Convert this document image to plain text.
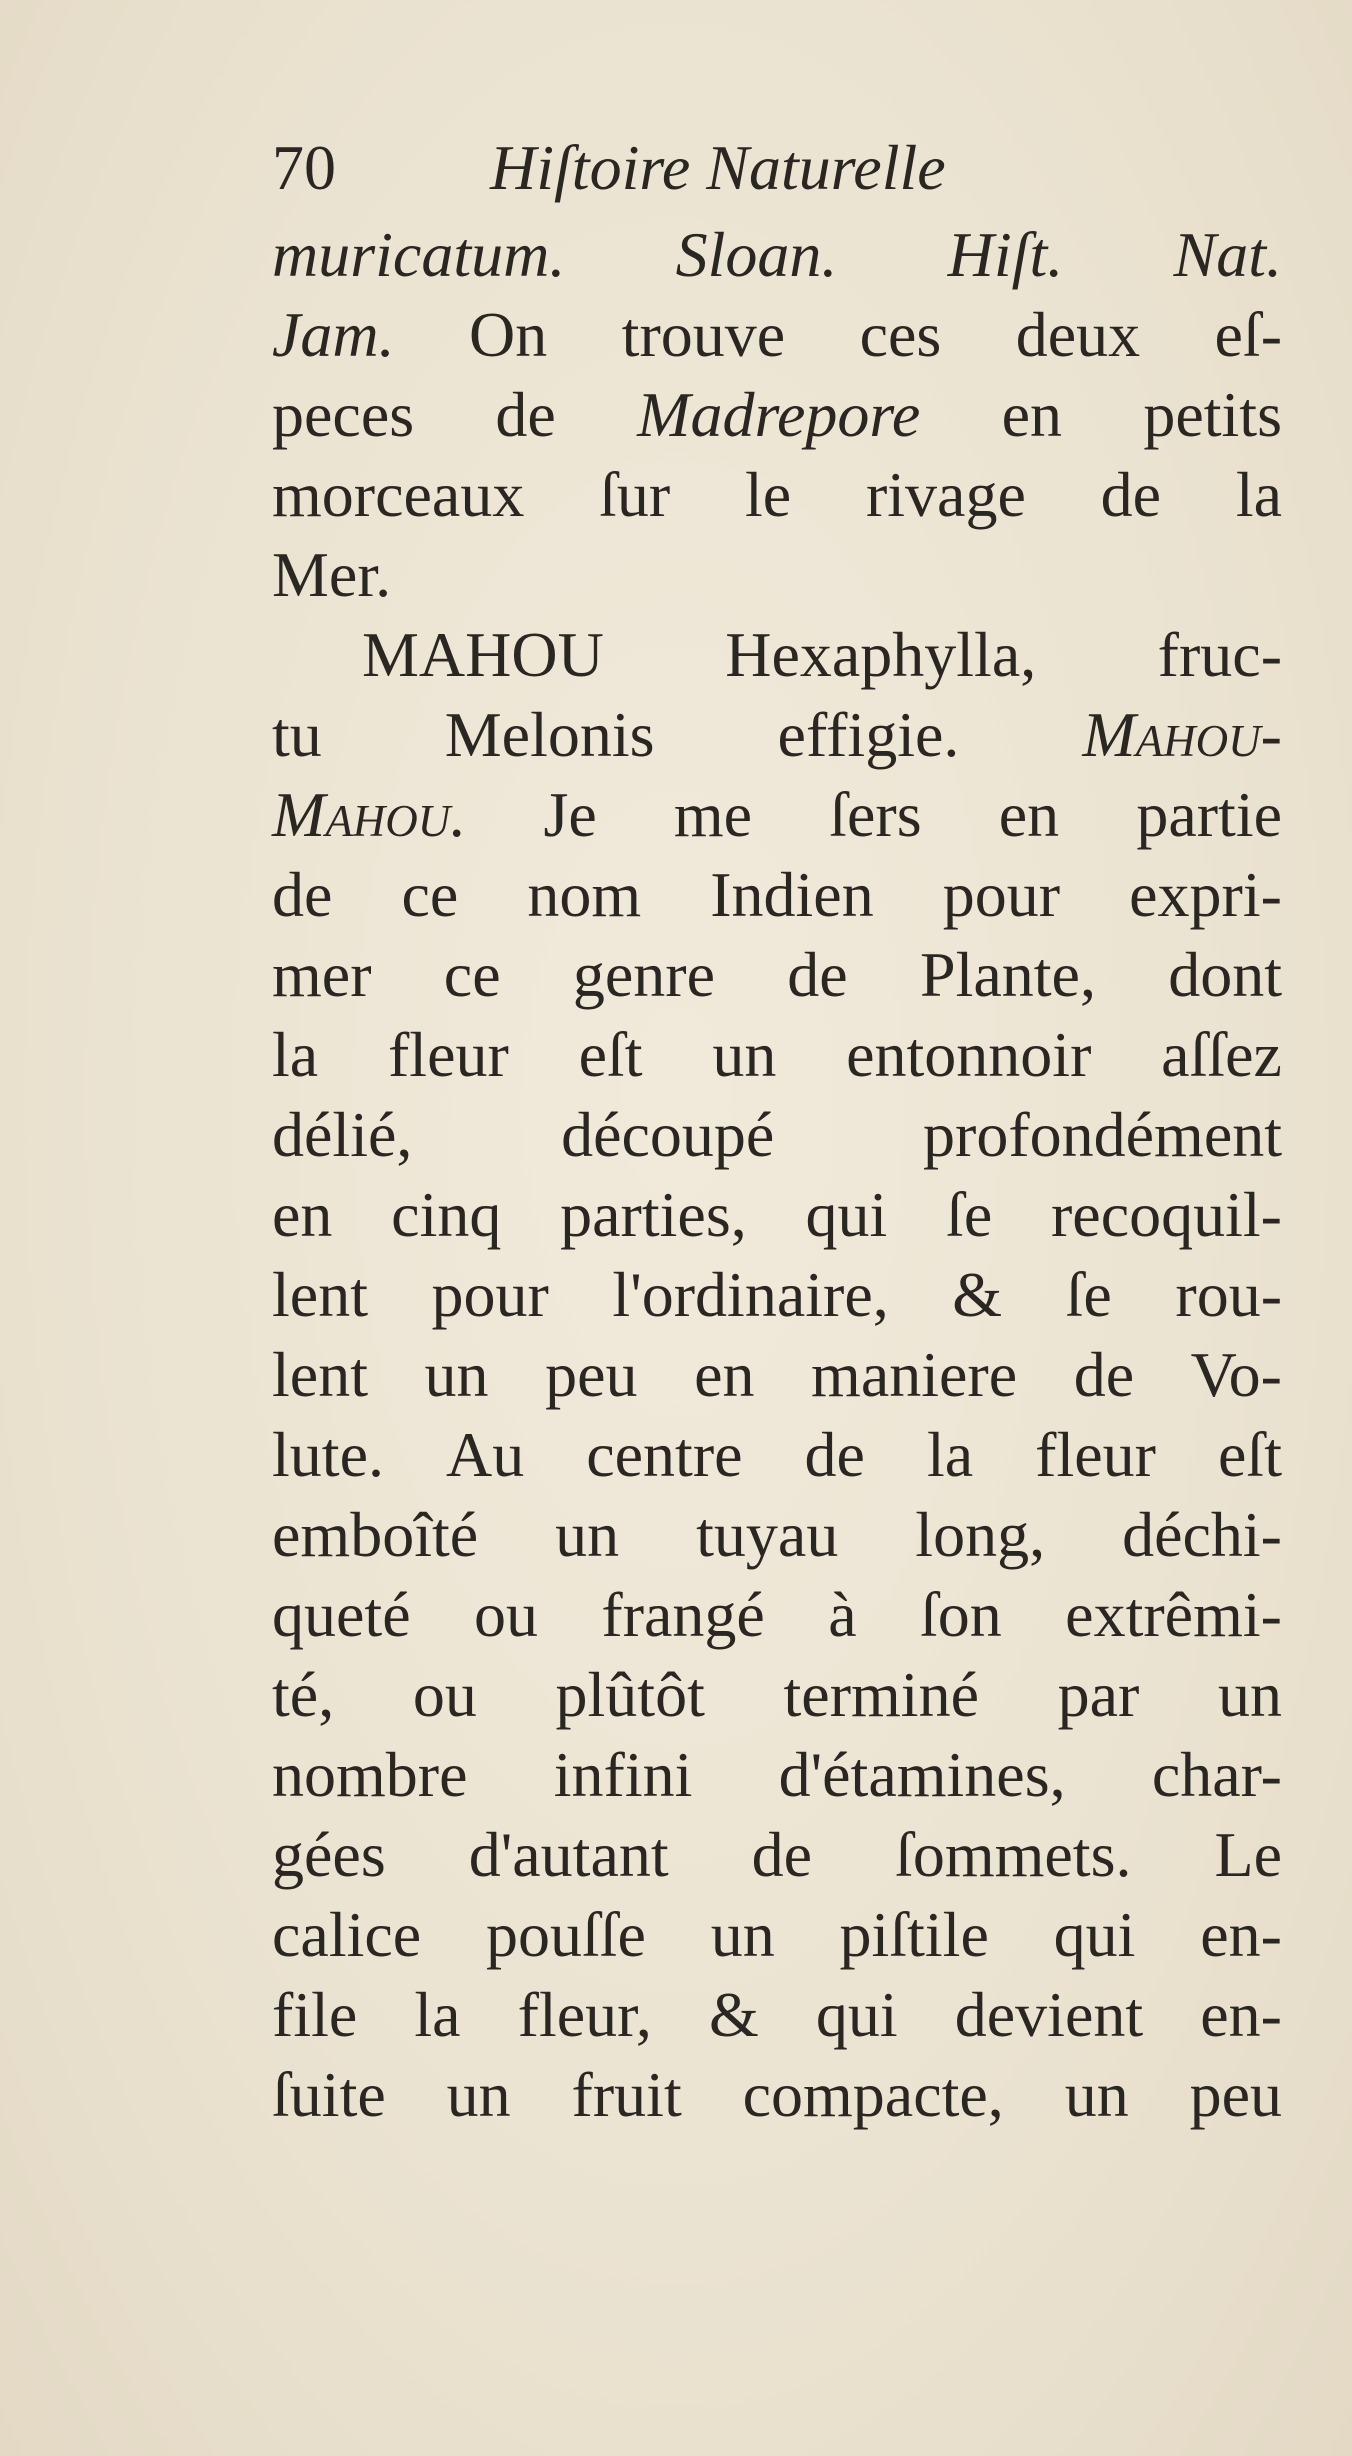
70 Hiſtoire Naturelle
muricatum. Sloan. Hiſt. Nat.
Jam. On trouve ces deux eſ-
peces de Madrepore en petits
morceaux ſur le rivage de la
Mer.
MAHOU Hexaphylla, fruc-
tu Melonis effigie. Mahou-
Mahou. Je me ſers en partie
de ce nom Indien pour expri-
mer ce genre de Plante, dont
la fleur eſt un entonnoir aſſez
délié, découpé profondément
en cinq parties, qui ſe recoquil-
lent pour l'ordinaire, & ſe rou-
lent un peu en maniere de Vo-
lute. Au centre de la fleur eſt
emboîté un tuyau long, déchi-
queté ou frangé à ſon extrêmi-
té, ou plûtôt terminé par un
nombre infini d'étamines, char-
gées d'autant de ſommets. Le
calice pouſſe un piſtile qui en-
file la fleur, & qui devient en-
ſuite un fruit compacte, un peu
